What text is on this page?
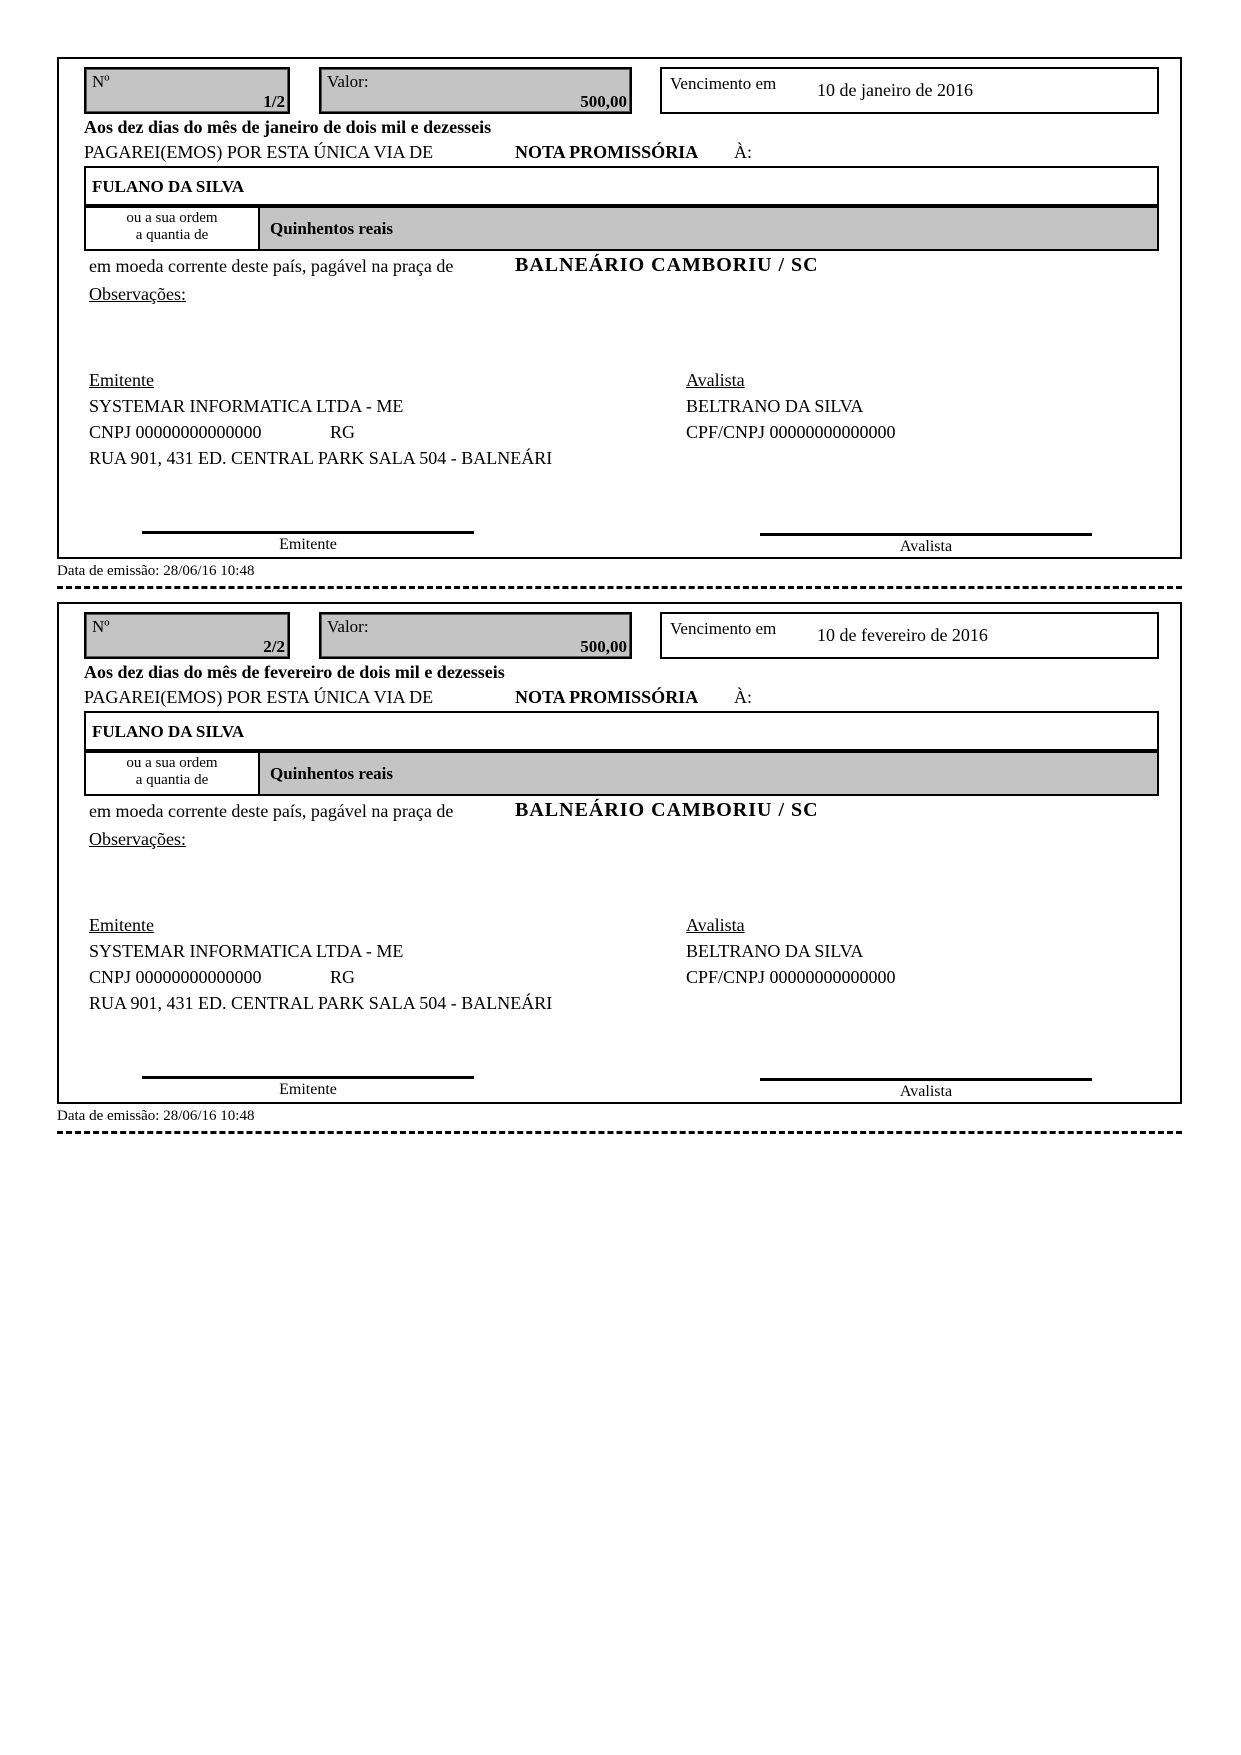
Nº
1/2
Valor:
500,00
Vencimento em 10 de janeiro de 2016
Aos dez dias do mês de janeiro de dois mil e dezesseis
PAGAREI(EMOS) POR ESTA ÚNICA VIA DE	NOTA PROMISSÓRIA À:
FULANO DA SILVA
ou a sua ordem
a quantia de	Quinhentos reais
em moeda corrente deste país, pagável na praça de	BALNEÁRIO CAMBORIU / SC
Observações:
Emitente
SYSTEMAR INFORMATICA LTDA - ME
CNPJ 00000000000000	RG
RUA 901, 431 ED. CENTRAL PARK SALA 504 - BALNEÁRI
Avalista
BELTRANO DA SILVA
CPF/CNPJ 00000000000000
Emitente	Avalista
Data de emissão: 28/06/16 10:48
Nº
2/2
Valor:
500,00
Vencimento em 10 de fevereiro de 2016
Aos dez dias do mês de fevereiro de dois mil e dezesseis
PAGAREI(EMOS) POR ESTA ÚNICA VIA DE	NOTA PROMISSÓRIA À:
FULANO DA SILVA
ou a sua ordem
a quantia de	Quinhentos reais
em moeda corrente deste país, pagável na praça de	BALNEÁRIO CAMBORIU / SC
Observações:
Emitente
SYSTEMAR INFORMATICA LTDA - ME
CNPJ 00000000000000	RG
RUA 901, 431 ED. CENTRAL PARK SALA 504 - BALNEÁRI
Avalista
BELTRANO DA SILVA
CPF/CNPJ 00000000000000
Emitente	Avalista
Data de emissão: 28/06/16 10:48
